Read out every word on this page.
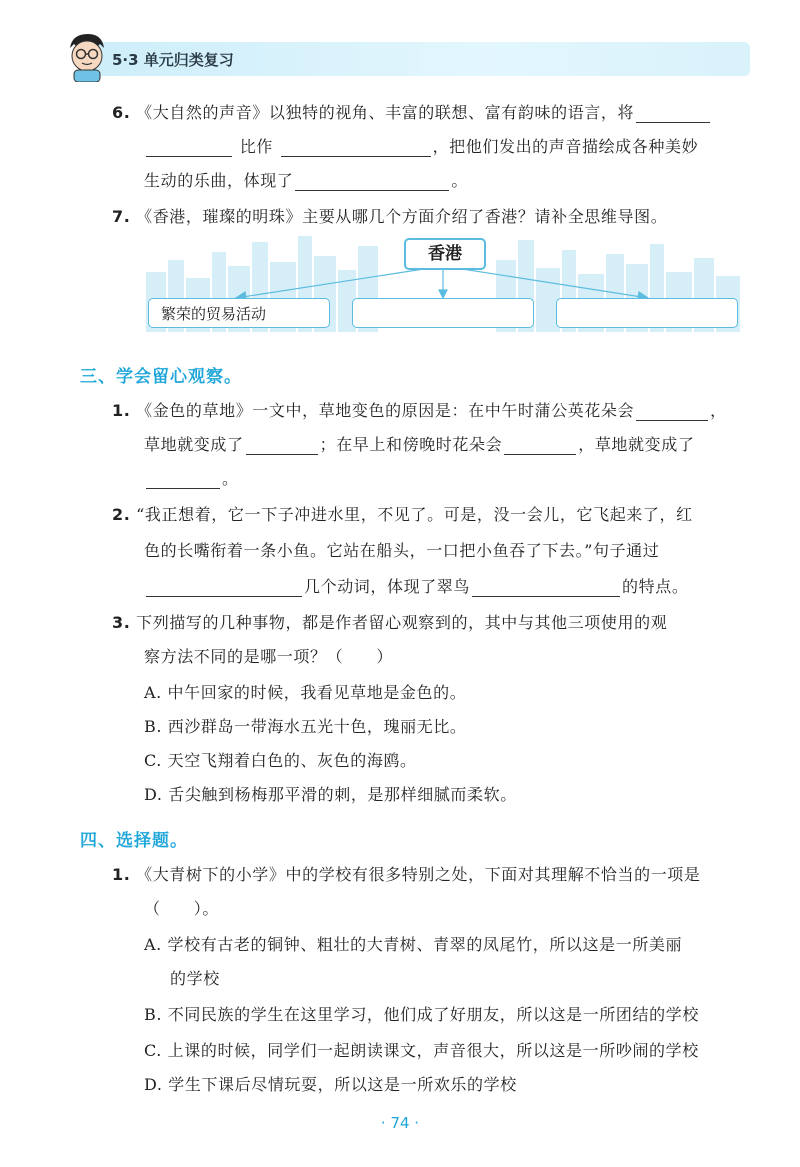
5·3 单元归类复习
6. 《大自然的声音》以独特的视角、丰富的联想、富有韵味的语言，将
比作	，把他们发出的声音描绘成各种美妙
生动的乐曲，体现了	。
7. 《香港，璀璨的明珠》主要从哪几个方面介绍了香港？请补全思维导图。
香港
繁荣的贸易活动
三、学会留心观察。
1. 《金色的草地》一文中，草地变色的原因是：在中午时蒲公英花朵会	，
草地就变成了	；在早上和傍晚时花朵会	，草地就变成了
。
2. “我正想着，它一下子冲进水里，不见了。可是，没一会儿，它飞起来了，红
色的长嘴衔着一条小鱼。它站在船头，一口把小鱼吞了下去。”句子通过
几个动词，体现了翠鸟	的特点。
3. 下列描写的几种事物，都是作者留心观察到的，其中与其他三项使用的观
察方法不同的是哪一项？（　　）
A. 中午回家的时候，我看见草地是金色的。
B. 西沙群岛一带海水五光十色，瑰丽无比。
C. 天空飞翔着白色的、灰色的海鸥。
D. 舌尖触到杨梅那平滑的刺，是那样细腻而柔软。
四、选择题。
1. 《大青树下的小学》中的学校有很多特别之处，下面对其理解不恰当的一项是
（　　）。
A. 学校有古老的铜钟、粗壮的大青树、青翠的凤尾竹，所以这是一所美丽
的学校
B. 不同民族的学生在这里学习，他们成了好朋友，所以这是一所团结的学校
C. 上课的时候，同学们一起朗读课文，声音很大，所以这是一所吵闹的学校
D. 学生下课后尽情玩耍，所以这是一所欢乐的学校
· 74 ·
